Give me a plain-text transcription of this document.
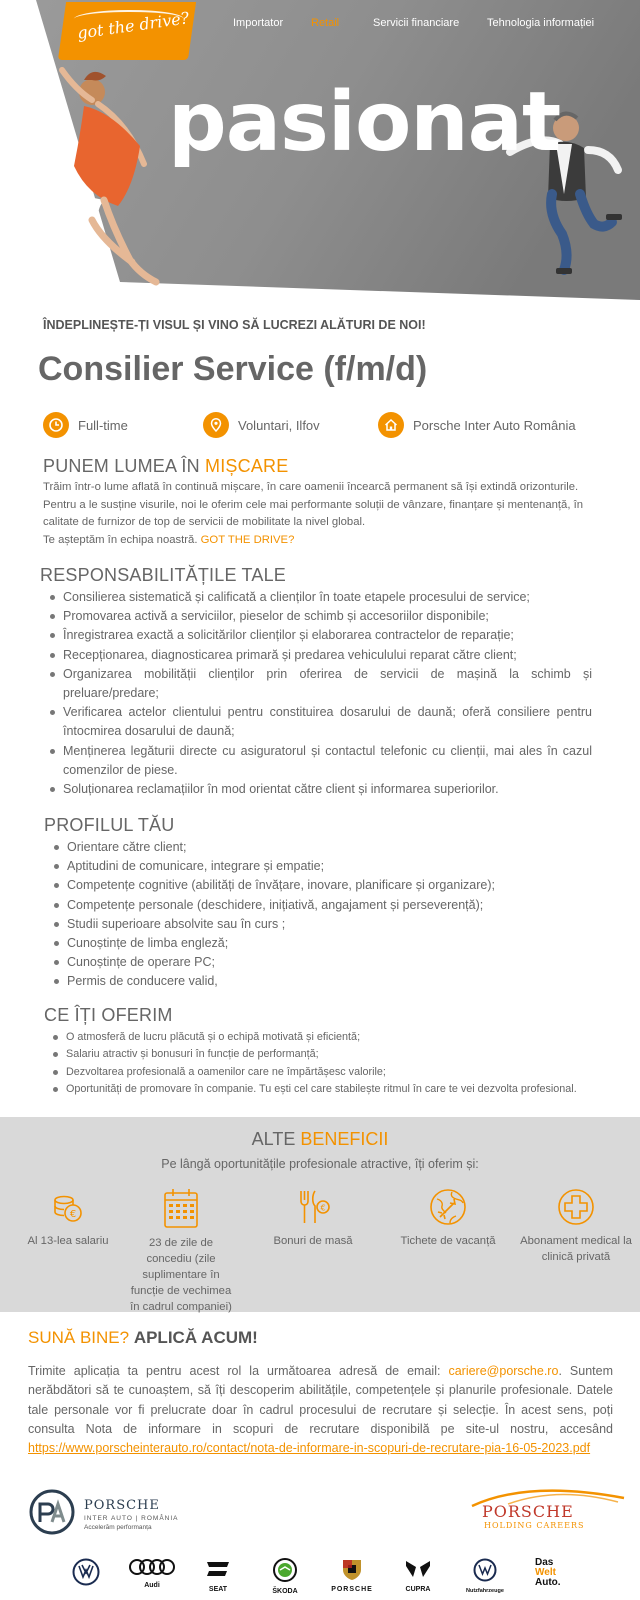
got the drive?	Importator	Retail	Servicii financiare	Tehnologia informației
pasionat
ÎNDEPLINEȘTE-ȚI VISUL ȘI VINO SĂ LUCREZI ALĂTURI DE NOI!
Consilier Service (f/m/d)
Full-time	Voluntari, Ilfov	Porsche Inter Auto România
PUNEM LUMEA ÎN MIȘCARE
Trăim într-o lume aflată în continuă mișcare, în care oamenii încearcă permanent să își extindă orizonturile. Pentru a le susține visurile, noi le oferim cele mai performante soluții de vânzare, finanțare și mentenanță, în calitate de furnizor de top de servicii de mobilitate la nivel global.
Te așteptăm în echipa noastră. GOT THE DRIVE?
RESPONSABILITĂȚILE TALE
Consilierea sistematică și calificată a clienților în toate etapele procesului de service;
Promovarea activă a serviciilor, pieselor de schimb și accesoriilor disponibile;
Înregistrarea exactă a solicitărilor clienților și elaborarea contractelor de reparație;
Recepționarea, diagnosticarea primară și predarea vehiculului reparat către client;
Organizarea mobilității clienților prin oferirea de servicii de mașină la schimb și preluare/predare;
Verificarea actelor clientului pentru constituirea dosarului de daună; oferă consiliere pentru întocmirea dosarului de daună;
Menținerea legăturii directe cu asiguratorul și contactul telefonic cu clienții, mai ales în cazul comenzilor de piese.
Soluționarea reclamațiilor în mod orientat către client și informarea superiorilor.
PROFILUL TĂU
Orientare către client;
Aptitudini de comunicare, integrare și empatie;
Competențe cognitive (abilități de învățare, inovare, planificare și organizare);
Competențe personale (deschidere, inițiativă, angajament și perseverență);
Studii superioare absolvite sau în curs ;
Cunoștințe de limba engleză;
Cunoștințe de operare PC;
Permis de conducere valid,
CE ÎȚI OFERIM
O atmosferă de lucru plăcută și o echipă motivată și eficientă;
Salariu atractiv și bonusuri în funcție de performanță;
Dezvoltarea profesională a oamenilor care ne împărtășesc valorile;
Oportunități de promovare în companie. Tu ești cel care stabilește ritmul în care te vei dezvolta profesional.
ALTE BENEFICII
Pe lângă oportunitățile profesionale atractive, îți oferim și:
€
Al 13-lea salariu	23 de zile de concediu (zile suplimentare în funcție de vechimea în cadrul companiei)
€
Bonuri de masă	Tichete de vacanță	Abonament medical la clinică privată
SUNĂ BINE? APLICĂ ACUM!
Trimite aplicația ta pentru acest rol la următoarea adresă de email: cariere@porsche.ro. Suntem nerăbdători să te cunoaștem, să îți descoperim abilitățile, competențele și planurile profesionale. Datele tale personale vor fi prelucrate doar în cadrul procesului de recrutare și selecție. În acest sens, poți consulta Nota de informare in scopuri de recrutare disponibilă pe site-ul nostru, accesând https://www.porscheinterauto.ro/contact/nota-de-informare-in-scopuri-de-recrutare-pia-16-05-2023.pdf
PORSCHE
INTER AUTO | ROMÂNIA
Accelerăm performanța
PORSCHE
HOLDING CAREERS
Audi
SEAT	ŠKODA	PORSCHE	CUPRA	Nutzfahrzeuge
Das
Welt
Auto.
